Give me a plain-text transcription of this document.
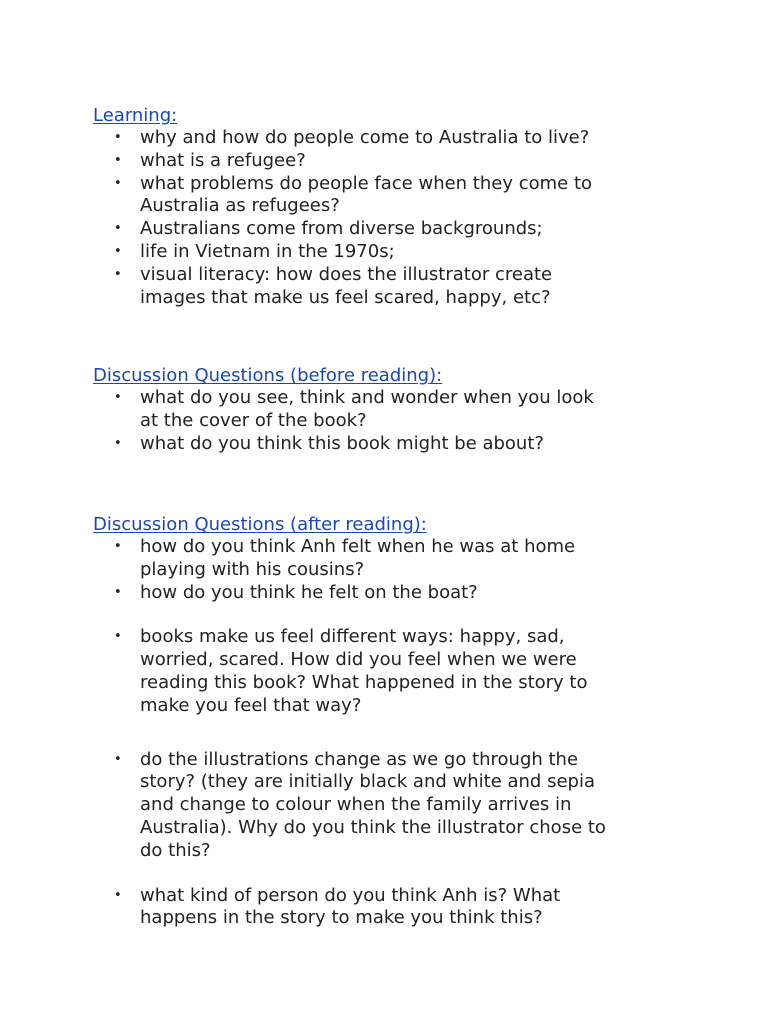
Learning:
• why and how do people come to Australia to live?
• what is a refugee?
• what problems do people face when they come to
Australia as refugees?
• Australians come from diverse backgrounds;
• life in Vietnam in the 1970s;
• visual literacy: how does the illustrator create
images that make us feel scared, happy, etc?
Discussion Questions (before reading):
• what do you see, think and wonder when you look
at the cover of the book?
• what do you think this book might be about?
Discussion Questions (after reading):
• how do you think Anh felt when he was at home
playing with his cousins?
• how do you think he felt on the boat?
• books make us feel different ways: happy, sad,
worried, scared. How did you feel when we were
reading this book? What happened in the story to
make you feel that way?
• do the illustrations change as we go through the
story? (they are initially black and white and sepia
and change to colour when the family arrives in
Australia). Why do you think the illustrator chose to
do this?
• what kind of person do you think Anh is? What
happens in the story to make you think this?
